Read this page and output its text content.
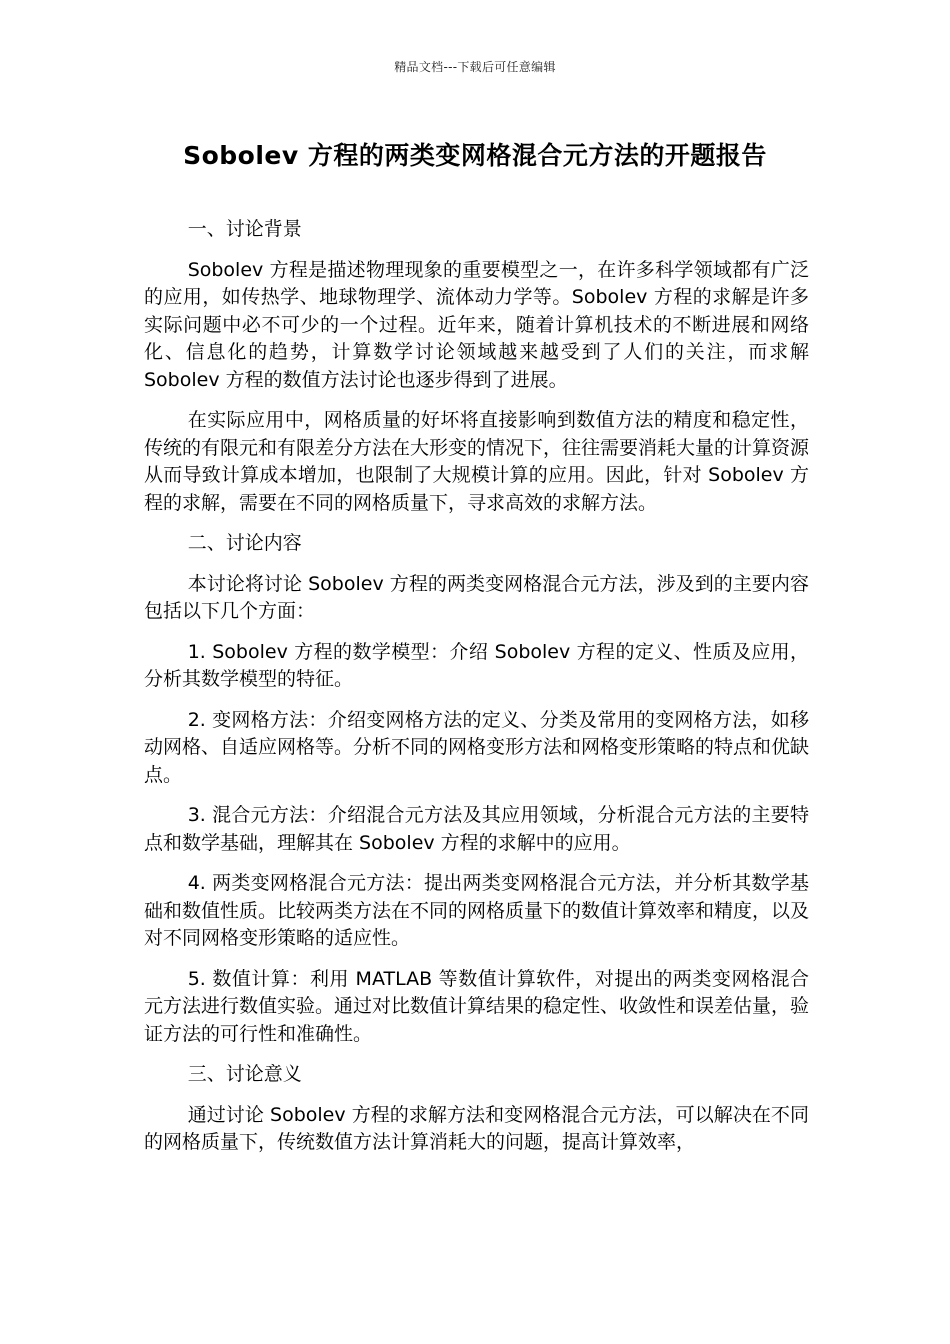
精品文档---下载后可任意编辑
Sobolev 方程的两类变网格混合元方法的开题报告

一、讨论背景

Sobolev 方程是描述物理现象的重要模型之一，在许多科学领域都有广泛的应用，如传热学、地球物理学、流体动力学等。Sobolev 方程的求解是许多实际问题中必不可少的一个过程。近年来，随着计算机技术的不断进展和网络化、信息化的趋势，计算数学讨论领域越来越受到了人们的关注，而求解 Sobolev 方程的数值方法讨论也逐步得到了进展。

在实际应用中，网格质量的好坏将直接影响到数值方法的精度和稳定性，传统的有限元和有限差分方法在大形变的情况下，往往需要消耗大量的计算资源从而导致计算成本增加，也限制了大规模计算的应用。因此，针对 Sobolev 方程的求解，需要在不同的网格质量下，寻求高效的求解方法。

二、讨论内容

本讨论将讨论 Sobolev 方程的两类变网格混合元方法，涉及到的主要内容包括以下几个方面：

1. Sobolev 方程的数学模型：介绍 Sobolev 方程的定义、性质及应用，分析其数学模型的特征。

2. 变网格方法：介绍变网格方法的定义、分类及常用的变网格方法，如移动网格、自适应网格等。分析不同的网格变形方法和网格变形策略的特点和优缺点。

3. 混合元方法：介绍混合元方法及其应用领域，分析混合元方法的主要特点和数学基础，理解其在 Sobolev 方程的求解中的应用。

4. 两类变网格混合元方法：提出两类变网格混合元方法，并分析其数学基础和数值性质。比较两类方法在不同的网格质量下的数值计算效率和精度，以及对不同网格变形策略的适应性。

5. 数值计算：利用 MATLAB 等数值计算软件，对提出的两类变网格混合元方法进行数值实验。通过对比数值计算结果的稳定性、收敛性和误差估量，验证方法的可行性和准确性。

三、讨论意义

通过讨论 Sobolev 方程的求解方法和变网格混合元方法，可以解决在不同的网格质量下，传统数值方法计算消耗大的问题，提高计算效率，
